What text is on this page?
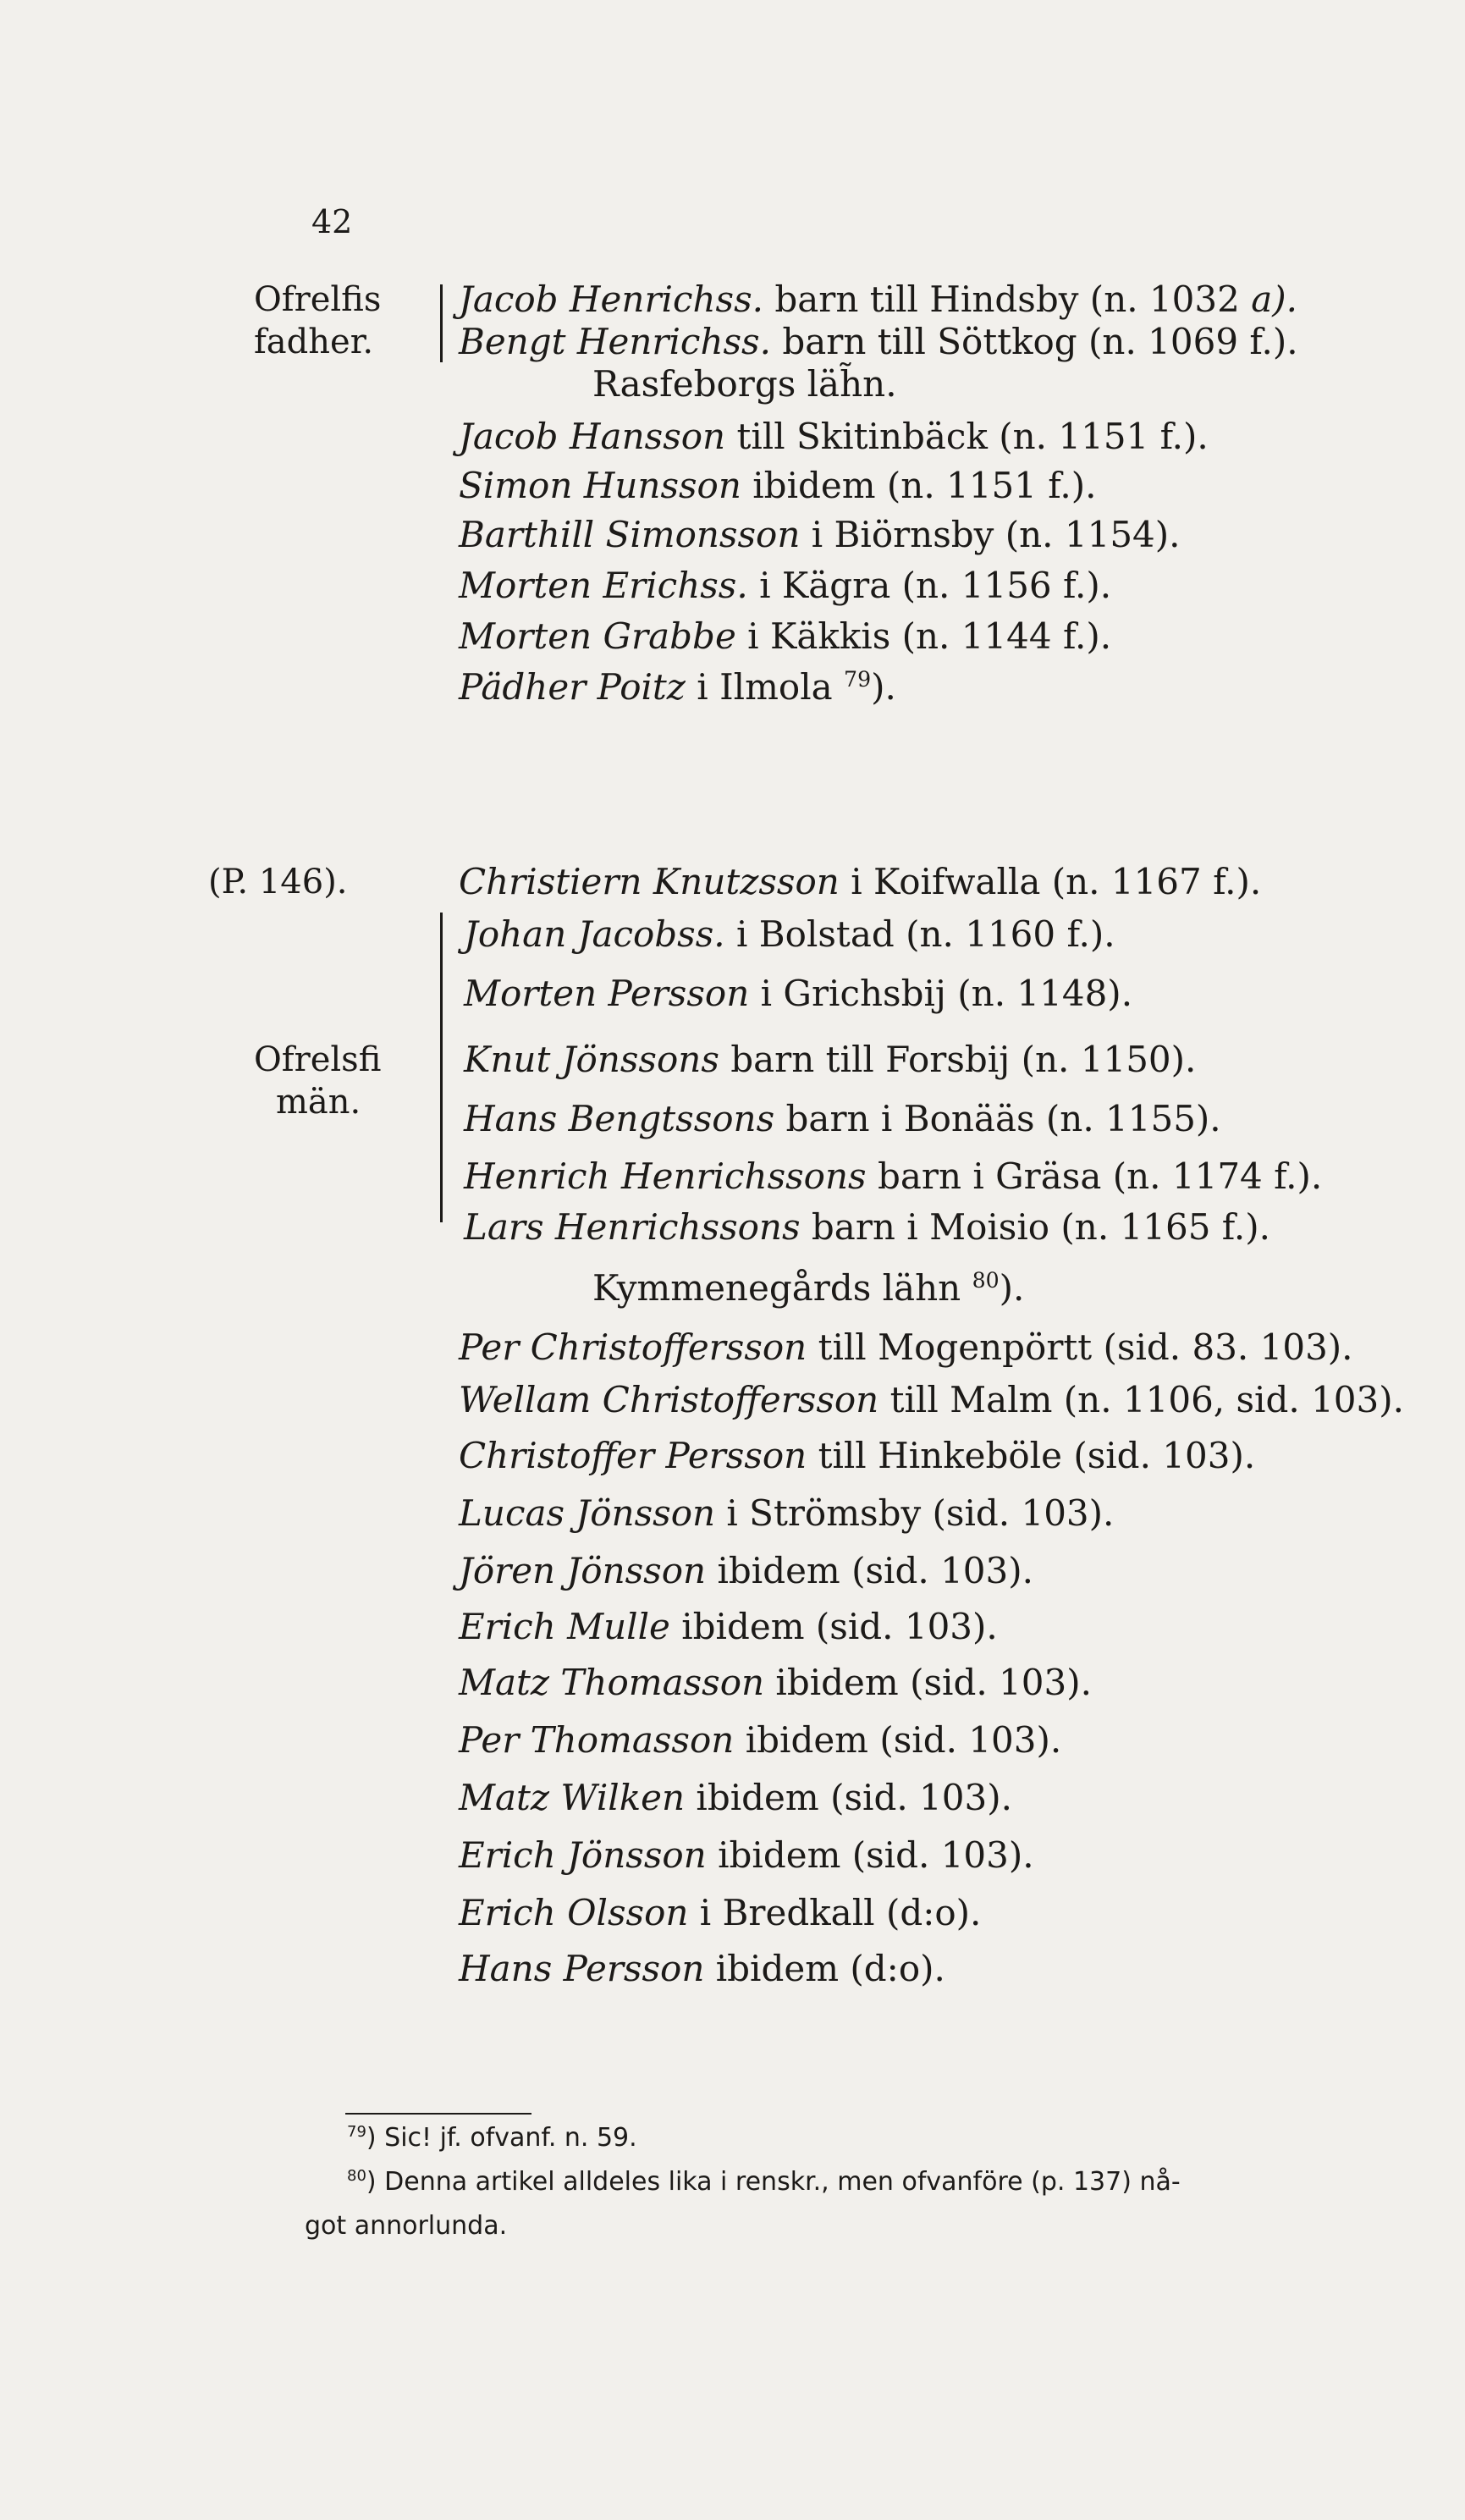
42
Ofrelfis
fadher.
(P. 146).
Ofrelsfi
män.
Jacob Henrichss. barn till Hindsby (n. 1032 a).
Bengt Henrichss. barn till Söttkog (n. 1069 f.).
Rasfeborgs läh̃n.
Jacob Hansson till Skitinbäck (n. 1151 f.).
Simon Hunsson ibidem (n. 1151 f.).
Barthill Simonsson i Biörnsby (n. 1154).
Morten Erichss. i Kägra (n. 1156 f.).
Morten Grabbe i Käkkis (n. 1144 f.).
Pädher Poitz i Ilmola $^{79}$).
Christiern Knutzsson i Koifwalla (n. 1167 f.).
Johan Jacobss. i Bolstad (n. 1160 f.).
Morten Persson i Grichsbij (n. 1148).
Knut Jönssons barn till Forsbij (n. 1150).
Hans Bengtssons barn i Bonääs (n. 1155).
Henrich Henrichssons barn i Gräsa (n. 1174 f.).
Lars Henrichssons barn i Moisio (n. 1165 f.).
Kymmenegårds lähn $^{80}$).
Per Christoffersson till Mogenpörtt (sid. 83. 103).
Wellam Christoffersson till Malm (n. 1106, sid. 103).
Christoffer Persson till Hinkeböle (sid. 103).
Lucas Jönsson i Strömsby (sid. 103).
Jören Jönsson ibidem (sid. 103).
Erich Mulle ibidem (sid. 103).
Matz Thomasson ibidem (sid. 103).
Per Thomasson ibidem (sid. 103).
Matz Wilken ibidem (sid. 103).
Erich Jönsson ibidem (sid. 103).
Erich Olsson i Bredkall (d:o).
Hans Persson ibidem (d:o).
$^{79}$) Sic! jf. ofvanf. n. 59.
$^{80}$) Denna artikel alldeles lika i renskr., men ofvanföre (p. 137) nå-
got annorlunda.
